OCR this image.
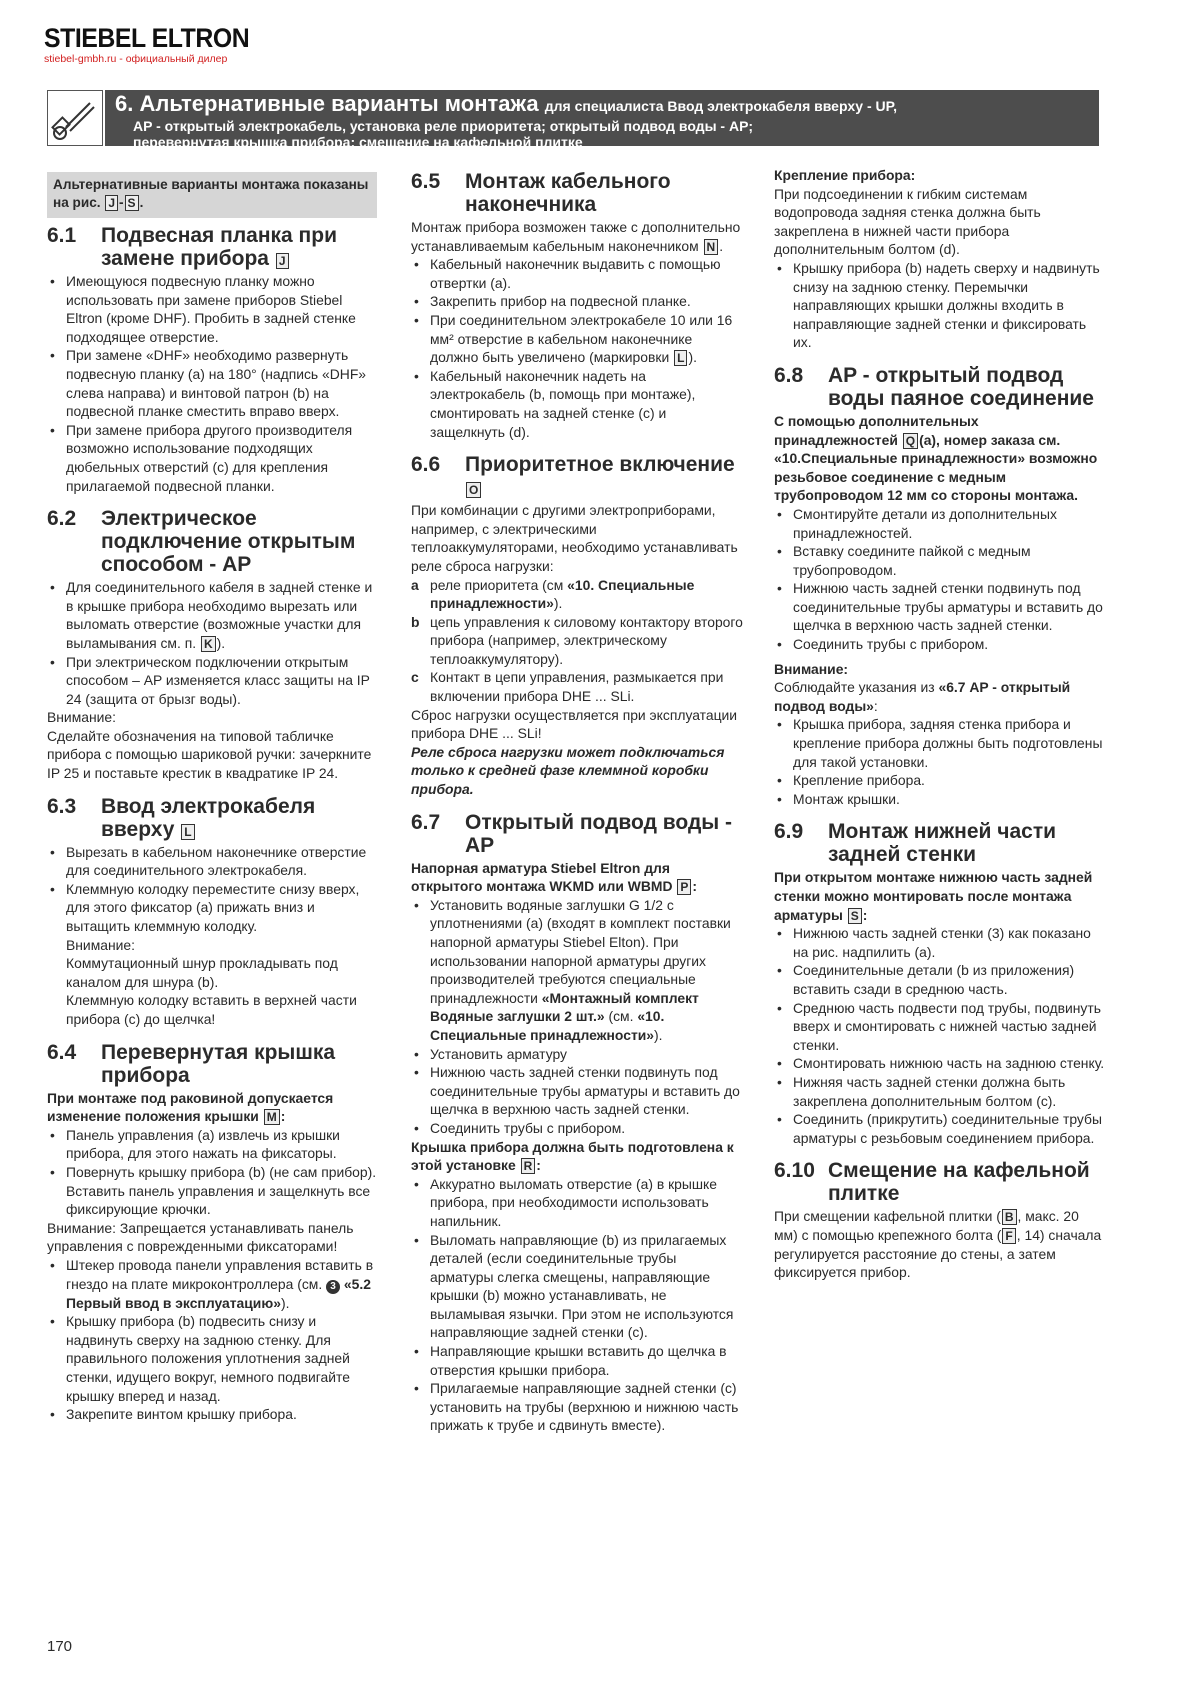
STIEBEL ELTRON
stiebel-gmbh.ru - официальный дилер
6. Альтернативные варианты монтажа для специалиста Ввод электрокабеля вверху - UP,
AP - открытый электрокабель, установка реле приоритета; открытый подвод воды - AP;
перевернутая крышка прибора; смещение на кафельной плитке
Альтернативные варианты монтажа показаны на рис. J - S .
6.1	Подвесная планка при замене прибора J
• Имеющуюся подвесную планку можно использовать при замене приборов Stiebel Eltron (кроме DHF). Пробить в задней стенке подходящее отверстие.
• При замене «DHF» необходимо развернуть подвесную планку (a) на 180° (надпись «DHF» слева направа) и винтовой патрон (b) на подвесной планке сместить вправо вверх.
• При замене прибора другого производителя возможно использование подходящих дюбельных отверстий (c) для крепления прилагаемой подвесной планки.
6.2	Электрическое подключение открытым способом - AP
• Для соединительного кабеля в задней стенке и в крышке прибора необходимо вырезать или выломать отверстие (возможные участки для выламывания см. п. K ).
• При электрическом подключении открытым способом – AP изменяется класс защиты на IP 24 (защита от брызг воды).

Внимание:

Сделайте обозначения на типовой табличке прибора с помощью шариковой ручки: зачеркните IP 25 и поставьте крестик в квадратике IP 24.

6.3	Ввод электрокабеля вверху L
• Вырезать в кабельном наконечнике отверстие для соединительного электрокабеля.
• Клеммную колодку переместите снизу вверх, для этого фиксатор (a) прижать вниз и вытащить клеммную колодку.
Внимание:
Коммутационный шнур прокладывать под каналом для шнура (b).
Клеммную колодку вставить в верхней части прибора (c) до щелчка!
6.4	Перевернутая крышка прибора

При монтаже под раковиной допускается изменение положения крышки M :

• Панель управления (a) извлечь из крышки прибора, для этого нажать на фиксаторы.
• Повернуть крышку прибора (b) (не сам прибор). Вставить панель управления и защелкнуть все фиксирующие крючки.

Внимание: Запрещается устанавливать панель управления с поврежденными фиксаторами!

• Штекер провода панели управления вставить в гнездо на плате микроконтроллера (см. 3 «5.2 Первый ввод в эксплуатацию»).
• Крышку прибора (b) подвесить снизу и надвинуть сверху на заднюю стенку. Для правильного положения уплотнения задней стенки, идущего вокруг, немного подвигайте крышку вперед и назад.
• Закрепите винтом крышку прибора.
6.5	Монтаж кабельного наконечника

Монтаж прибора возможен также с дополнительно устанавливаемым кабельным наконечником N .

• Кабельный наконечник выдавить с помощью отвертки (a).
• Закрепить прибор на подвесной планке.
• При соединительном электрокабеле 10 или 16 мм² отверстие в кабельном наконечнике должно быть увеличено (маркировки L ).
• Кабельный наконечник надеть на электрокабель (b, помощь при монтаже), смонтировать на задней стенке (c) и защелкнуть (d).
6.6	Приоритетное включение O

При комбинации с другими электроприборами, например, с электрическими теплоаккумуляторами, необходимо устанавливать реле сброса нагрузки:

a реле приоритета (см «10. Специальные принадлежности»).
b цепь управления к силовому контактору второго прибора (например, электрическому теплоаккумулятору).
c Контакт в цепи управления, размыкается при включении прибора DHE ... SLi.

Сброс нагрузки осуществляется при эксплуатации прибора DHE ... SLi!

Реле сброса нагрузки может подключаться только к средней фазе клеммной коробки прибора.

6.7	Открытый подвод воды - AP

Напорная арматура Stiebel Eltron для открытого монтажа WKMD или WBMD P :

• Установить водяные заглушки G 1/2 с уплотнениями (a) (входят в комплект поставки напорной арматуры Stiebel Elton). При использовании напорной арматуры других производителей требуются специальные принадлежности «Монтажный комплект Водяные заглушки 2 шт.» (см. «10. Специальные принадлежности»).
• Установить арматуру
• Нижнюю часть задней стенки подвинуть под соединительные трубы арматуры и вставить до щелчка в верхнюю часть задней стенки.
• Соединить трубы с прибором.

Крышка прибора должна быть подготовлена к этой установке R :

• Аккуратно выломать отверстие (a) в крышке прибора, при необходимости использовать напильник.
• Выломать направляющие (b) из прилагаемых деталей (если соединительные трубы арматуры слегка смещены, направляющие крышки (b) можно устанавливать, не выламывая язычки. При этом не используются направляющие задней стенки (c).
• Направляющие крышки вставить до щелчка в отверстия крышки прибора.
• Прилагаемые направляющие задней стенки (c) установить на трубы (верхнюю и нижнюю часть прижать к трубе и сдвинуть вместе).

Крепление прибора:

При подсоединении к гибким системам водопровода задняя стенка должна быть закреплена в нижней части прибора дополнительным болтом (d).

• Крышку прибора (b) надеть сверху и надвинуть снизу на заднюю стенку. Перемычки направляющих крышки должны входить в направляющие задней стенки и фиксировать их.
6.8	AP - открытый подвод воды паяное соединение

С помощью дополнительных принадлежностей Q (a), номер заказа см. «10.Специальные принадлежности» возможно резьбовое соединение с медным трубопроводом 12 мм со стороны монтажа.

• Смонтируйте детали из дополнительных принадлежностей.
• Вставку соедините пайкой с медным трубопроводом.
• Нижнюю часть задней стенки подвинуть под соединительные трубы арматуры и вставить до щелчка в верхнюю часть задней стенки.
• Соединить трубы с прибором.

Внимание:

Соблюдайте указания из «6.7 AP - открытый подвод воды»:

• Крышка прибора, задняя стенка прибора и крепление прибора должны быть подготовлены для такой установки.
• Крепление прибора.
• Монтаж крышки.
6.9	Монтаж нижней части задней стенки

При открытом монтаже нижнюю часть задней стенки можно монтировать после монтажа арматуры S :

• Нижнюю часть задней стенки (3) как показано на рис. надпилить (a).
• Соединительные детали (b из приложения) вставить сзади в среднюю часть.
• Среднюю часть подвести под трубы, подвинуть вверх и смонтировать с нижней частью задней стенки.
• Смонтировать нижнюю часть на заднюю стенку.
• Нижняя часть задней стенки должна быть закреплена дополнительным болтом (c).
• Соединить (прикрутить) соединительные трубы арматуры с резьбовым соединением прибора.
6.10 Смещение на кафельной плитке

При смещении кафельной плитки ( B , макс. 20 мм) с помощью крепежного болта ( F , 14) сначала регулируется расстояние до стены, а затем фиксируется прибор.

170
